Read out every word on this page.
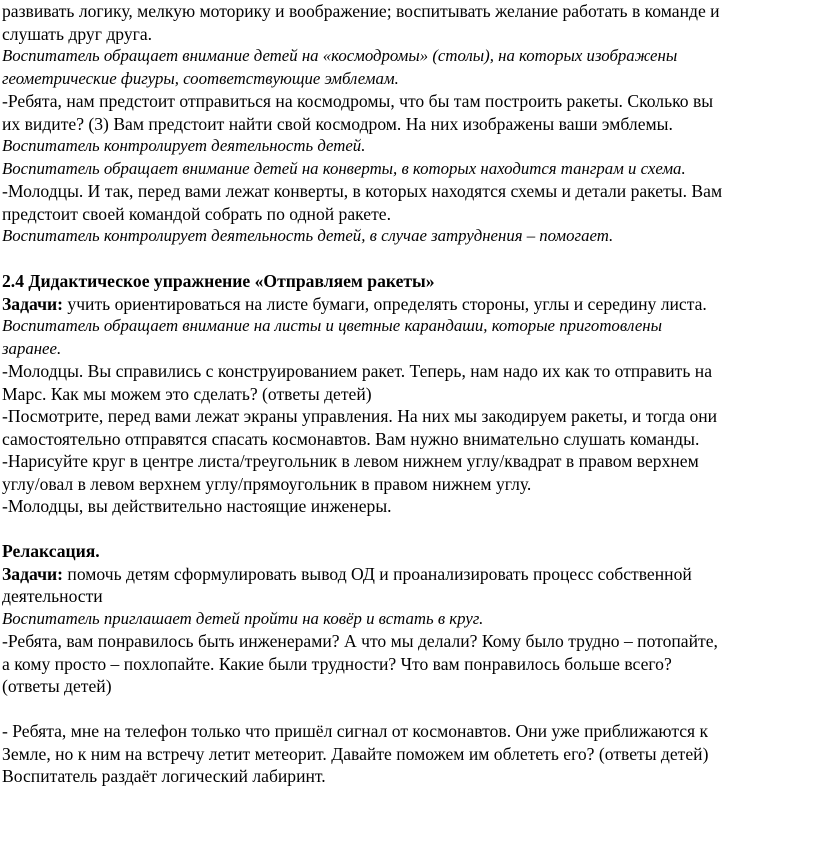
развивать логику, мелкую моторику и воображение; воспитывать желание работать в команде и
слушать друг друга.
Воспитатель обращает внимание детей на «космодромы» (столы), на которых изображены
геометрические фигуры, соответствующие эмблемам.
-Ребята, нам предстоит отправиться на космодромы, что бы там построить ракеты. Сколько вы
их видите? (3) Вам предстоит найти свой космодром. На них изображены ваши эмблемы.
Воспитатель контролирует деятельность детей.
Воспитатель обращает внимание детей на конверты, в которых находится танграм и схема.
-Молодцы. И так, перед вами лежат конверты, в которых находятся схемы и детали ракеты. Вам
предстоит своей командой собрать по одной ракете.
Воспитатель контролирует деятельность детей, в случае затруднения – помогает.
2.4 Дидактическое упражнение «Отправляем ракеты»
Задачи: учить ориентироваться на листе бумаги, определять стороны, углы и середину листа.
Воспитатель обращает внимание на листы и цветные карандаши, которые приготовлены
заранее.
-Молодцы. Вы справились с конструированием ракет. Теперь, нам надо их как то отправить на
Марс. Как мы можем это сделать? (ответы детей)
-Посмотрите, перед вами лежат экраны управления. На них мы закодируем ракеты, и тогда они
самостоятельно отправятся спасать космонавтов. Вам нужно внимательно слушать команды.
-Нарисуйте круг в центре листа/треугольник в левом нижнем углу/квадрат в правом верхнем
углу/овал в левом верхнем углу/прямоугольник в правом нижнем углу.
-Молодцы, вы действительно настоящие инженеры.
Релаксация.
Задачи: помочь детям сформулировать вывод ОД и проанализировать процесс собственной
деятельности
Воспитатель приглашает детей пройти на ковёр и встать в круг.
-Ребята, вам понравилось быть инженерами? А что мы делали? Кому было трудно – потопайте,
а кому просто – похлопайте. Какие были трудности? Что вам понравилось больше всего?
(ответы детей)
- Ребята, мне на телефон только что пришёл сигнал от космонавтов. Они уже приближаются к
Земле, но к ним на встречу летит метеорит. Давайте поможем им облететь его? (ответы детей)
Воспитатель раздаёт логический лабиринт.
